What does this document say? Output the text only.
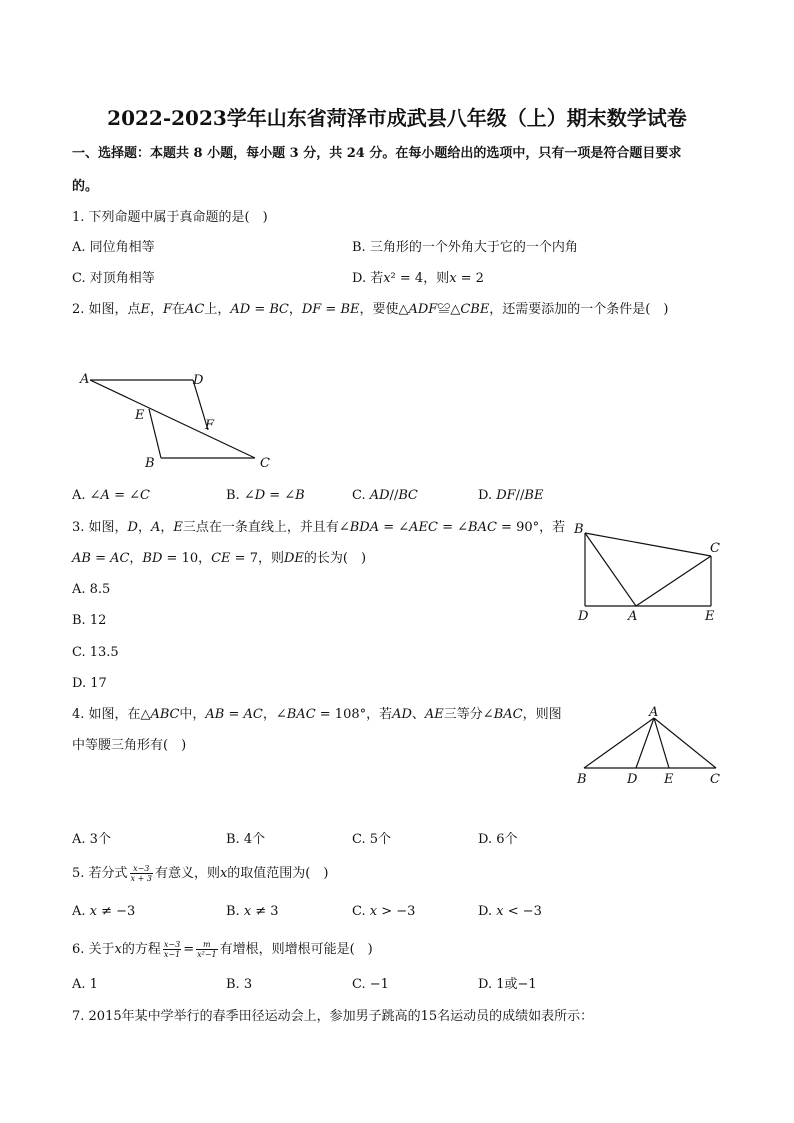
2022-2023学年山东省菏泽市成武县八年级（上）期末数学试卷
一、选择题：本题共 8 小题，每小题 3 分，共 24 分。在每小题给出的选项中，只有一项是符合题目要求
的。
1. 下列命题中属于真命题的是(　)
A. 同位角相等	B. 三角形的一个外角大于它的一个内角
C. 对顶角相等	D. 若𝑥² = 4，则𝑥 = 2
2. 如图，点𝐸，𝐹在𝐴𝐶上，𝐴𝐷 = 𝐵𝐶，𝐷𝐹 = 𝐵𝐸，要使△𝐴𝐷𝐹≌△𝐶𝐵𝐸，还需要添加的一个条件是(　)
A	D
E
F
B	C
A. ∠𝐴 = ∠𝐶	B. ∠𝐷 = ∠𝐵	C. 𝐴𝐷//𝐵𝐶	D. 𝐷𝐹//𝐵𝐸
3. 如图，𝐷，𝐴，𝐸三点在一条直线上，并且有∠𝐵𝐷𝐴 = ∠𝐴𝐸𝐶 = ∠𝐵𝐴𝐶 = 90°，若
𝐴𝐵 = 𝐴𝐶，𝐵𝐷 = 10，𝐶𝐸 = 7，则𝐷𝐸的长为(　)
B
C
D	A	E
A. 8.5
B. 12
C. 13.5
D. 17
4. 如图，在△𝐴𝐵𝐶中，𝐴𝐵 = 𝐴𝐶，∠𝐵𝐴𝐶 = 108°，若𝐴𝐷、𝐴𝐸三等分∠𝐵𝐴𝐶，则图
中等腰三角形有(　)
A
B	D E	C
A. 3个	B. 4个	C. 5个	D. 6个
5. 若分式 $\frac{x-3}{x + 3}$ 有意义，则𝑥的取值范围为(　)
A. 𝑥 ≠ −3	B. 𝑥 ≠ 3	C. 𝑥 > −3	D. 𝑥 < −3
6. 关于𝑥的方程 $\frac{x-3}{x-1} = \frac{m}{\text{x²−1}}$ 有增根，则增根可能是(　)
A. 1	B. 3	C. −1	D. 1或−1
7. 2015年某中学举行的春季田径运动会上，参加男子跳高的15名运动员的成绩如表所示：
